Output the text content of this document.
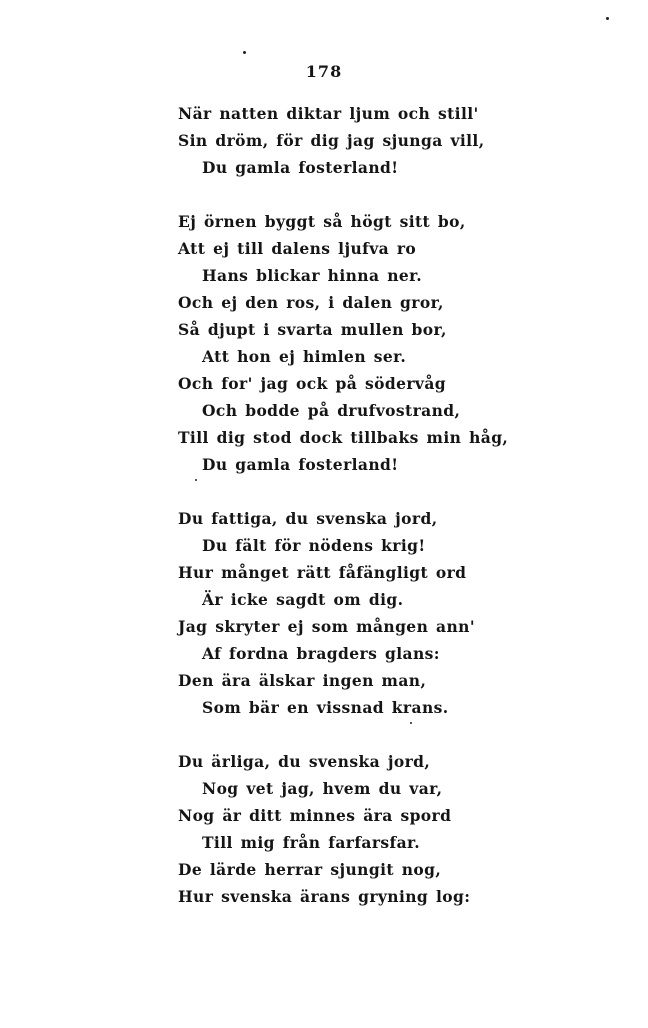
178
När natten diktar ljum och still'
Sin dröm, för dig jag sjunga vill,
Du gamla fosterland!
Ej örnen byggt så högt sitt bo,
Att ej till dalens ljufva ro
Hans blickar hinna ner.
Och ej den ros, i dalen gror,
Så djupt i svarta mullen bor,
Att hon ej himlen ser.
Och for' jag ock på södervåg
Och bodde på drufvostrand,
Till dig stod dock tillbaks min håg,
Du gamla fosterland!
Du fattiga, du svenska jord,
Du fält för nödens krig!
Hur månget rätt fåfängligt ord
Är icke sagdt om dig.
Jag skryter ej som mången ann'
Af fordna bragders glans:
Den ära älskar ingen man,
Som bär en vissnad krans.
Du ärliga, du svenska jord,
Nog vet jag, hvem du var,
Nog är ditt minnes ära spord
Till mig från farfarsfar.
De lärde herrar sjungit nog,
Hur svenska ärans gryning log:
